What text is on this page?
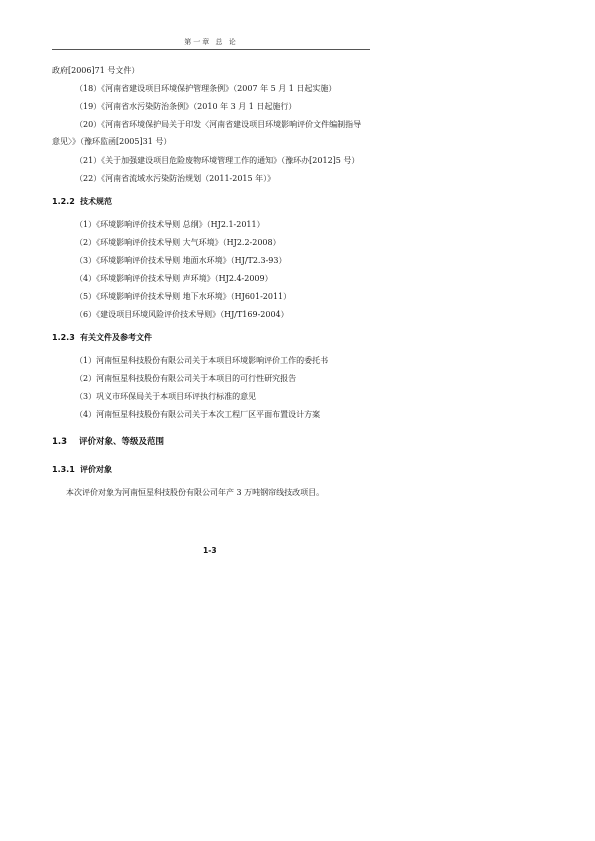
第一章 总 论
政府[2006]71 号文件）
（18）《河南省建设项目环境保护管理条例》（2007 年 5 月 1 日起实施）
（19）《河南省水污染防治条例》（2010 年 3 月 1 日起施行）
（20）《河南省环境保护局关于印发〈河南省建设项目环境影响评价文件编制指导
意见〉》（豫环监函[2005]31 号）
（21）《关于加强建设项目危险废物环境管理工作的通知》（豫环办[2012]5 号）
（22）《河南省流域水污染防治规划（2011-2015 年）》
1.2.2 技术规范
（1）《环境影响评价技术导则 总纲》（HJ2.1-2011）
（2）《环境影响评价技术导则 大气环境》（HJ2.2-2008）
（3）《环境影响评价技术导则 地面水环境》（HJ/T2.3-93）
（4）《环境影响评价技术导则 声环境》（HJ2.4-2009）
（5）《环境影响评价技术导则 地下水环境》（HJ601-2011）
（6）《建设项目环境风险评价技术导则》（HJ/T169-2004）
1.2.3 有关文件及参考文件
（1）河南恒星科技股份有限公司关于本项目环境影响评价工作的委托书
（2）河南恒星科技股份有限公司关于本项目的可行性研究报告
（3）巩义市环保局关于本项目环评执行标准的意见
（4）河南恒星科技股份有限公司关于本次工程厂区平面布置设计方案
1.3 评价对象、等级及范围
1.3.1 评价对象
本次评价对象为河南恒星科技股份有限公司年产 3 万吨钢帘线技改项目。
1-3
